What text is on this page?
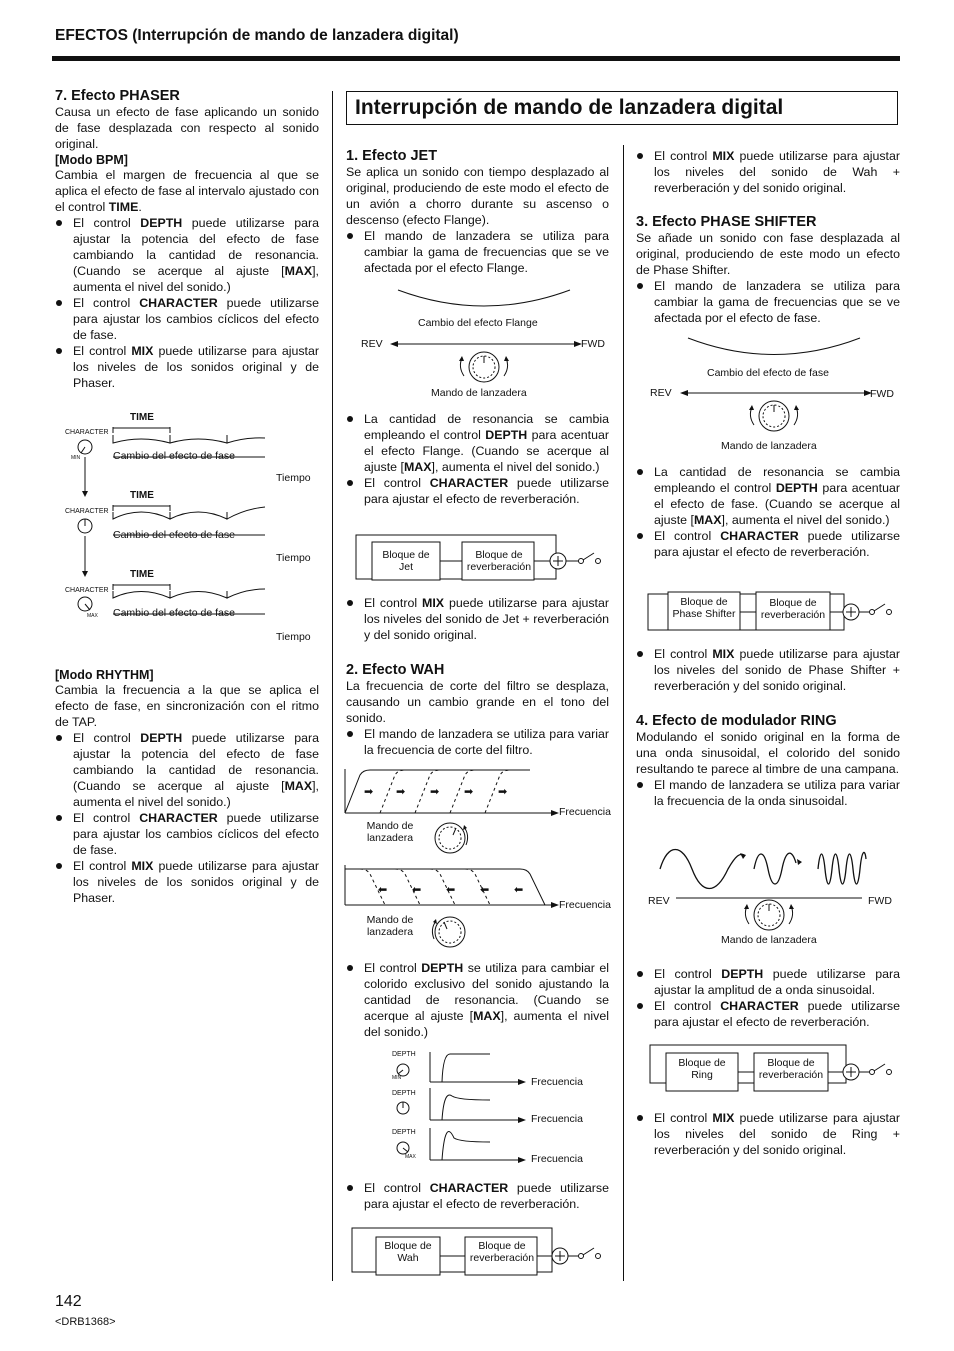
EFECTOS (Interrupción de mando de lanzadera digital)
7. Efecto PHASER
Causa un efecto de fase aplicando un sonido de fase desplazada con respecto al sonido original.
[Modo BPM]
Cambia el margen de frecuencia al que se aplica el efecto de fase al intervalo ajustado con el control TIME.
El control DEPTH puede utilizarse para ajustar la potencia del efecto de fase cambiando la cantidad de resonancia. (Cuando se acerque al ajuste [MAX], aumenta el nivel del sonido.)
El control CHARACTER puede utilizarse para ajustar los cambios cíclicos del efecto de fase.
El control MIX puede utilizarse para ajustar los niveles de los sonidos original y de Phaser.
TIME
TIME
TIME
CHARACTER
MIN
CHARACTER
CHARACTER
MAX
Cambio del efecto de fase
Cambio del efecto de fase
Cambio del efecto de fase
Tiempo
Tiempo
Tiempo
[Modo RHYTHM]
Cambia la frecuencia a la que se aplica el efecto de fase, en sincronización con el ritmo de TAP.
El control DEPTH puede utilizarse para ajustar la potencia del efecto de fase cambiando la cantidad de resonancia. (Cuando se acerque al ajuste [MAX], aumenta el nivel del sonido.)
El control CHARACTER puede utilizarse para ajustar los cambios cíclicos del efecto de fase.
El control MIX puede utilizarse para ajustar los niveles de los sonidos original y de Phaser.
Interrupción de mando de lanzadera digital
1. Efecto JET
Se aplica un sonido con tiempo desplazado al original, produciendo de este modo el efecto de un avión a chorro durante su ascenso o descenso (efecto Flange).
El mando de lanzadera se utiliza para cambiar la gama de frecuencias que se ve afectada por el efecto Flange.
Cambio del efecto Flange
REV	FWD
Mando de lanzadera
La cantidad de resonancia se cambia empleando el control DEPTH para acentuar el efecto Flange. (Cuando se acerque al ajuste [MAX], aumenta el nivel del sonido.)
El control CHARACTER puede utilizarse para ajustar el efecto de reverberación.
Bloque de Jet
Bloque de reverberación
El control MIX puede utilizarse para ajustar los niveles del sonido de Jet + reverberación y del sonido original.
2. Efecto WAH
La frecuencia de corte del filtro se desplaza, causando un cambio grande en el tono del sonido.
El mando de lanzadera se utiliza para variar la frecuencia de corte del filtro.
➡ ➡ ➡ ➡ ➡
⬅ ⬅ ⬅ ⬅ ⬅
Frecuencia
Frecuencia
Mando de lanzadera
Mando de lanzadera
El control DEPTH se utiliza para cambiar el colorido exclusivo del sonido ajustando la cantidad de resonancia. (Cuando se acerque al ajuste [MAX], aumenta el nivel del sonido.)
DEPTH
MIN
DEPTH
DEPTH
MAX
Frecuencia
Frecuencia
Frecuencia
El control CHARACTER puede utilizarse para ajustar el efecto de reverberación.
Bloque de Wah
Bloque de reverberación
El control MIX puede utilizarse para ajustar los niveles del sonido de Wah + reverberación y del sonido original.
3. Efecto PHASE SHIFTER
Se añade un sonido con fase desplazada al original, produciendo de este modo un efecto de Phase Shifter.
El mando de lanzadera se utiliza para cambiar la gama de frecuencias que se ve afectada por el efecto de fase.
Cambio del efecto de fase
REV	FWD
Mando de lanzadera
La cantidad de resonancia se cambia empleando el control DEPTH para acentuar el efecto de fase. (Cuando se acerque al ajuste [MAX], aumenta el nivel del sonido.)
El control CHARACTER puede utilizarse para ajustar el efecto de reverberación.
Bloque de Phase Shifter
Bloque de reverberación
El control MIX puede utilizarse para ajustar los niveles del sonido de Phase Shifter + reverberación y del sonido original.
4. Efecto de modulador RING
Modulando el sonido original en la forma de una onda sinusoidal, el colorido del sonido resultando te parece al timbre de una campana.
El mando de lanzadera se utiliza para variar la frecuencia de la onda sinusoidal.
REV	FWD
Mando de lanzadera
El control DEPTH puede utilizarse para ajustar la amplitud de a onda sinusoidal.
El control CHARACTER puede utilizarse para ajustar el efecto de reverberación.
Bloque de Ring
Bloque de reverberación
El control MIX puede utilizarse para ajustar los niveles del sonido de Ring + reverberación y del sonido original.
142
<DRB1368>
